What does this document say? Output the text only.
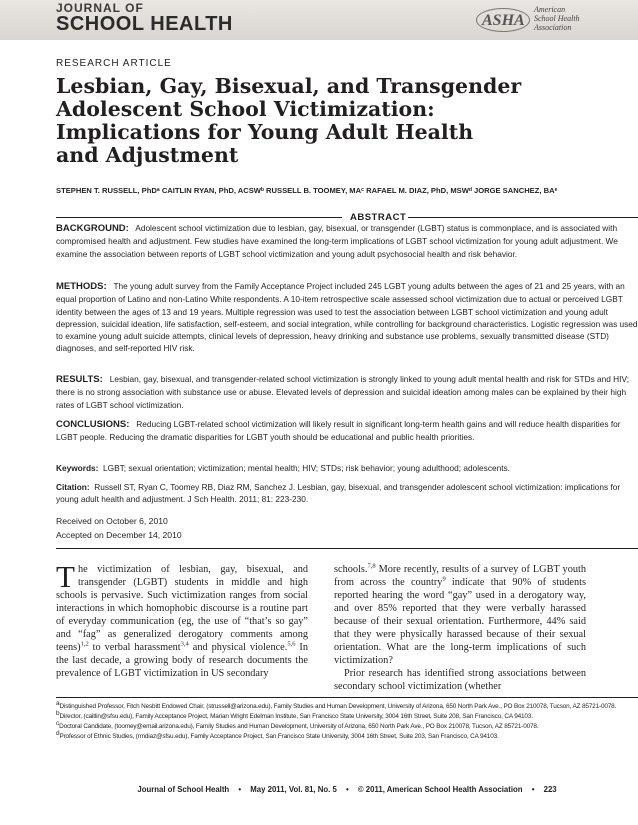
JOURNAL OF
SCHOOL HEALTH	ASHA
American
School Health
Association
RESEARCH ARTICLE
Lesbian, Gay, Bisexual, and Transgender
Adolescent School Victimization:
Implications for Young Adult Health
and Adjustment
STEPHEN T. RUSSELL, PhDᵃ CAITLIN RYAN, PhD, ACSWᵇ RUSSELL B. TOOMEY, MAᶜ RAFAEL M. DIAZ, PhD, MSWᵈ JORGE SANCHEZ, BAᵉ
ABSTRACT

BACKGROUND: Adolescent school victimization due to lesbian, gay, bisexual, or transgender (LGBT) status is commonplace, and is associated with compromised health and adjustment. Few studies have examined the long-term implications of LGBT school victimization for young adult adjustment. We examine the association between reports of LGBT school victimization and young adult psychosocial health and risk behavior.

METHODS: The young adult survey from the Family Acceptance Project included 245 LGBT young adults between the ages of 21 and 25 years, with an equal proportion of Latino and non-Latino White respondents. A 10-item retrospective scale assessed school victimization due to actual or perceived LGBT identity between the ages of 13 and 19 years. Multiple regression was used to test the association between LGBT school victimization and young adult depression, suicidal ideation, life satisfaction, self-esteem, and social integration, while controlling for background characteristics. Logistic regression was used to examine young adult suicide attempts, clinical levels of depression, heavy drinking and substance use problems, sexually transmitted disease (STD) diagnoses, and self-reported HIV risk.

RESULTS: Lesbian, gay, bisexual, and transgender-related school victimization is strongly linked to young adult mental health and risk for STDs and HIV; there is no strong association with substance use or abuse. Elevated levels of depression and suicidal ideation among males can be explained by their high rates of LGBT school victimization.

CONCLUSIONS: Reducing LGBT-related school victimization will likely result in significant long-term health gains and will reduce health disparities for LGBT people. Reducing the dramatic disparities for LGBT youth should be educational and public health priorities.

Keywords: LGBT; sexual orientation; victimization; mental health; HIV; STDs; risk behavior; young adulthood; adolescents.

Citation: Russell ST, Ryan C, Toomey RB, Diaz RM, Sanchez J. Lesbian, gay, bisexual, and transgender adolescent school victimization: implications for young adult health and adjustment. J Sch Health. 2011; 81: 223-230.

Received on October 6, 2010

Accepted on December 14, 2010

The victimization of lesbian, gay, bisexual, and transgender (LGBT) students in middle and high schools is pervasive. Such victimization ranges from social interactions in which homophobic discourse is a routine part of everyday communication (eg, the use of “that’s so gay” and “fag” as generalized derogatory comments among teens)$^{1,2}$ to verbal harassment$^{3,4}$ and physical violence.$^{5,6}$ In the last decade, a growing body of research documents the prevalence of LGBT victimization in US secondary

schools.$^{7,8}$ More recently, results of a survey of LGBT youth from across the country$^9$ indicate that 90% of students reported hearing the word “gay” used in a derogatory way, and over 85% reported that they were verbally harassed because of their sexual orientation. Furthermore, 44% said that they were physically harassed because of their sexual orientation. What are the long-term implications of such victimization?
Prior research has identified strong associations between secondary school victimization (whether

$^a$Distinguished Professor, Fitch Nesbitt Endowed Chair, (strussell@arizona.edu), Family Studies and Human Development, University of Arizona, 650 North Park Ave., PO Box 210078, Tucson, AZ 85721-0078.
$^b$Director, (caitlin@sfsu.edu), Family Acceptance Project, Marian Wright Edelman Institute, San Francisco State University, 3004 16th Street, Suite 208, San Francisco, CA 94103.
$^c$Doctoral Candidate, (toomey@email.arizona.edu), Family Studies and Human Development, University of Arizona, 650 North Park Ave., PO Box 210078, Tucson, AZ 85721-0078.
$^d$Professor of Ethnic Studies, (rmdiaz@sfsu.edu), Family Acceptance Project, San Francisco State University, 3004 16th Street, Suite 203, San Francisco, CA 94103.

Journal of School Health • May 2011, Vol. 81, No. 5 • © 2011, American School Health Association • 223
